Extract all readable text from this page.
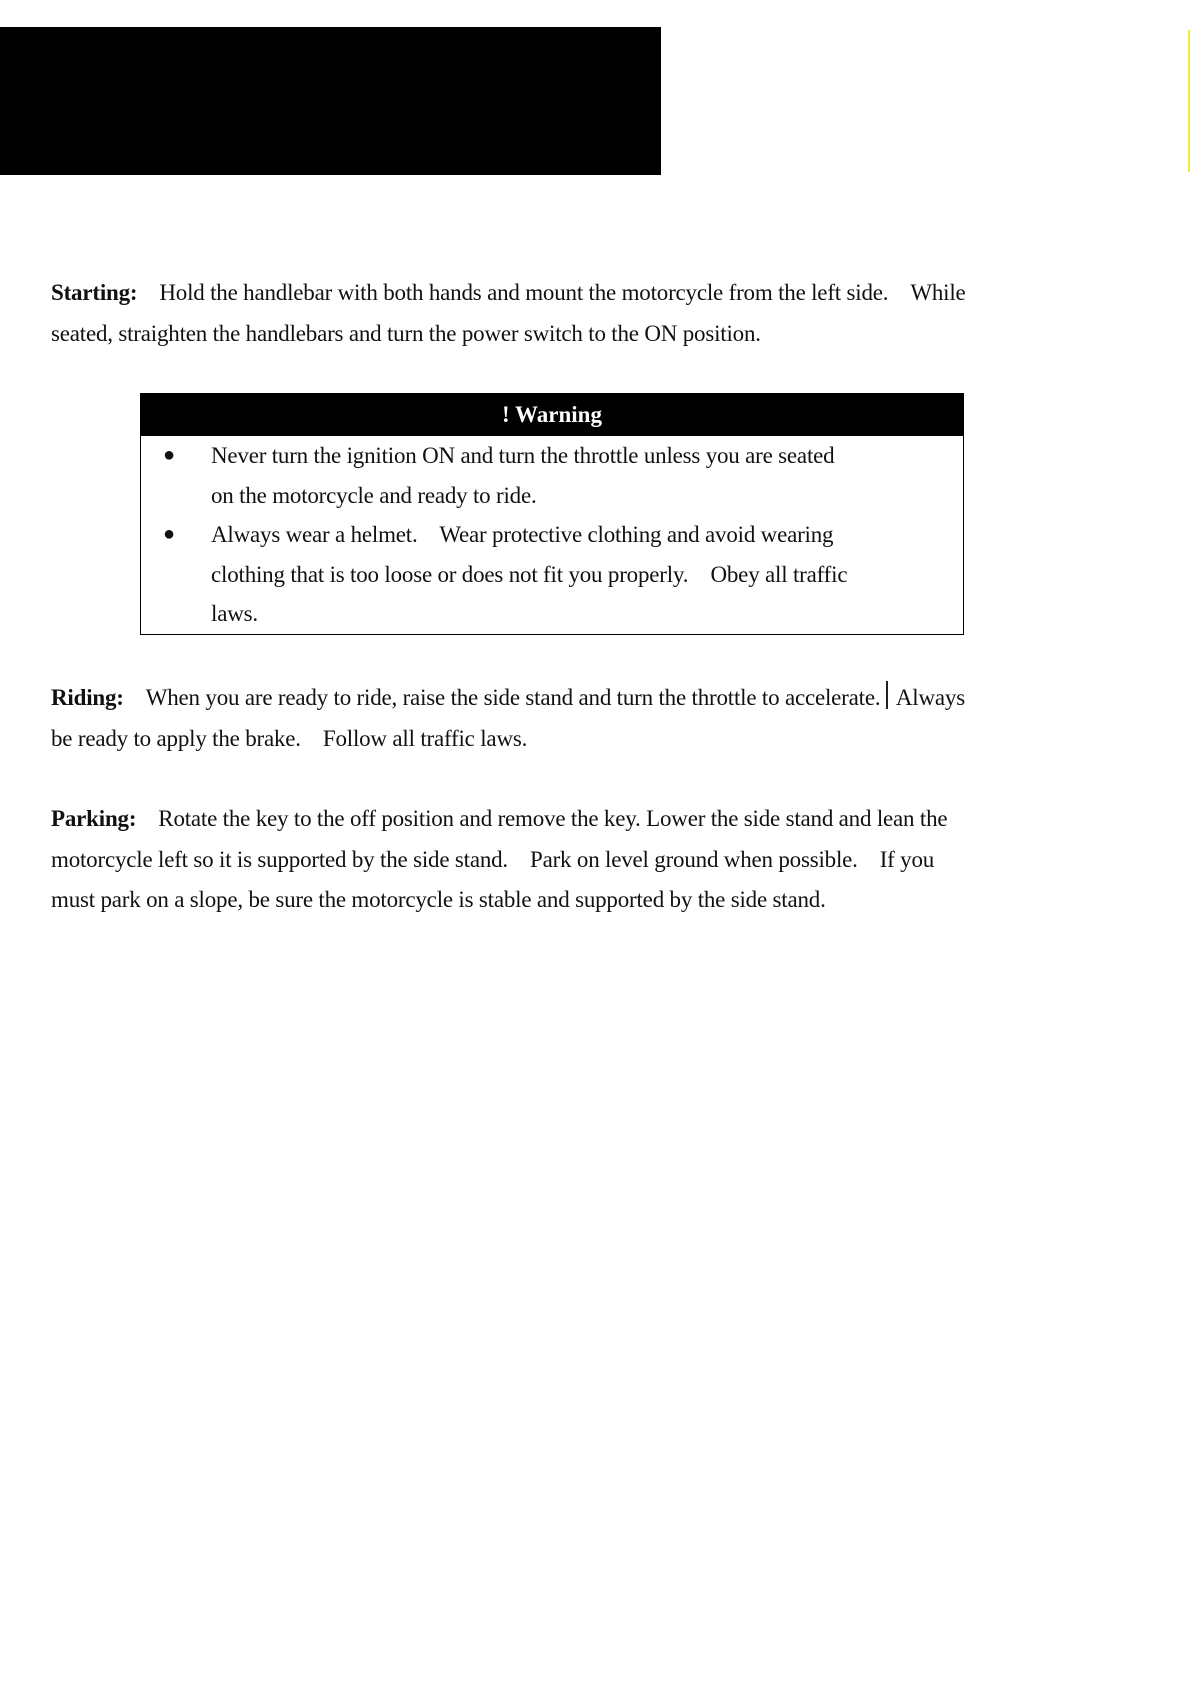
Starting: Hold the handlebar with both hands and mount the motorcycle from the left side. While
seated, straighten the handlebars and turn the power switch to the ON position.

! Warning
● Never turn the ignition ON and turn the throttle unless you are seated
on the motorcycle and ready to ride.
● Always wear a helmet.    Wear protective clothing and avoid wearing
clothing that is too loose or does not fit you properly.    Obey all traffic
laws.

Riding: When you are ready to ride, raise the side stand and turn the throttle to accelerate. Always
be ready to apply the brake. Follow all traffic laws.

Parking: Rotate the key to the off position and remove the key. Lower the side stand and lean the
motorcycle left so it is supported by the side stand. Park on level ground when possible. If you
must park on a slope, be sure the motorcycle is stable and supported by the side stand.
